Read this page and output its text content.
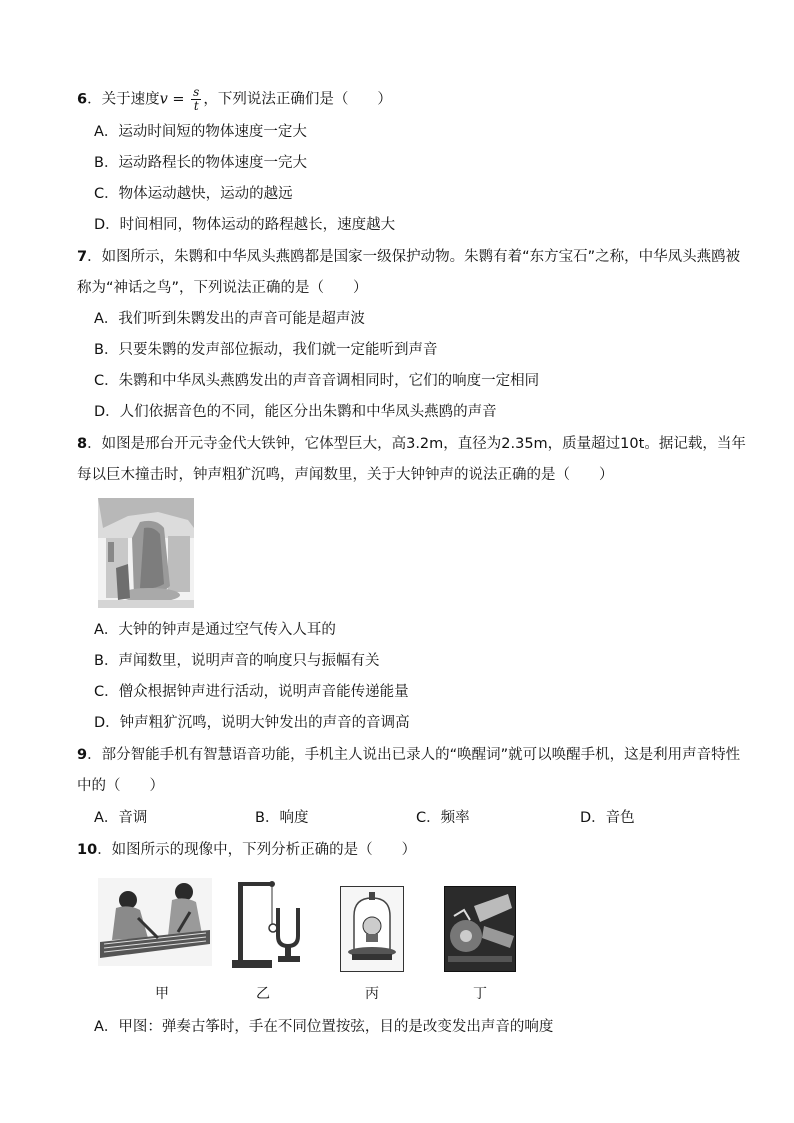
6．关于速度$v = \frac{s}{t}$ ，下列说法正确们是（　　）
A．运动时间短的物体速度一定大
B．运动路程长的物体速度一完大
C．物体运动越快，运动的越远
D．时间相同，物体运动的路程越长，速度越大
7．如图所示，朱鹮和中华凤头燕鸥都是国家一级保护动物。朱鹮有着“东方宝石”之称，中华凤头燕鸥被
称为“神话之鸟”，下列说法正确的是（　　）
A．我们听到朱鹮发出的声音可能是超声波
B．只要朱鹮的发声部位振动，我们就一定能听到声音
C．朱鹮和中华凤头燕鸥发出的声音音调相同时，它们的响度一定相同
D．人们依据音色的不同，能区分出朱鹮和中华凤头燕鸥的声音
8．如图是邢台开元寺金代大铁钟，它体型巨大，高3.2m，直径为2.35m，质量超过10t。据记载，当年
每以巨木撞击时，钟声粗犷沉鸣，声闻数里，关于大钟钟声的说法正确的是（　　）
A．大钟的钟声是通过空气传入人耳的
B．声闻数里，说明声音的响度只与振幅有关
C．僧众根据钟声进行活动，说明声音能传递能量
D．钟声粗犷沉鸣，说明大钟发出的声音的音调高
9．部分智能手机有智慧语音功能，手机主人说出已录人的“唤醒词”就可以唤醒手机，这是利用声音特性
中的（　　）
A．音调	B．响度	C．频率	D．音色
10．如图所示的现像中，下列分析正确的是（　　）
甲	乙	丙	丁
A．甲图：弹奏古筝时，手在不同位置按弦，目的是改变发出声音的响度
